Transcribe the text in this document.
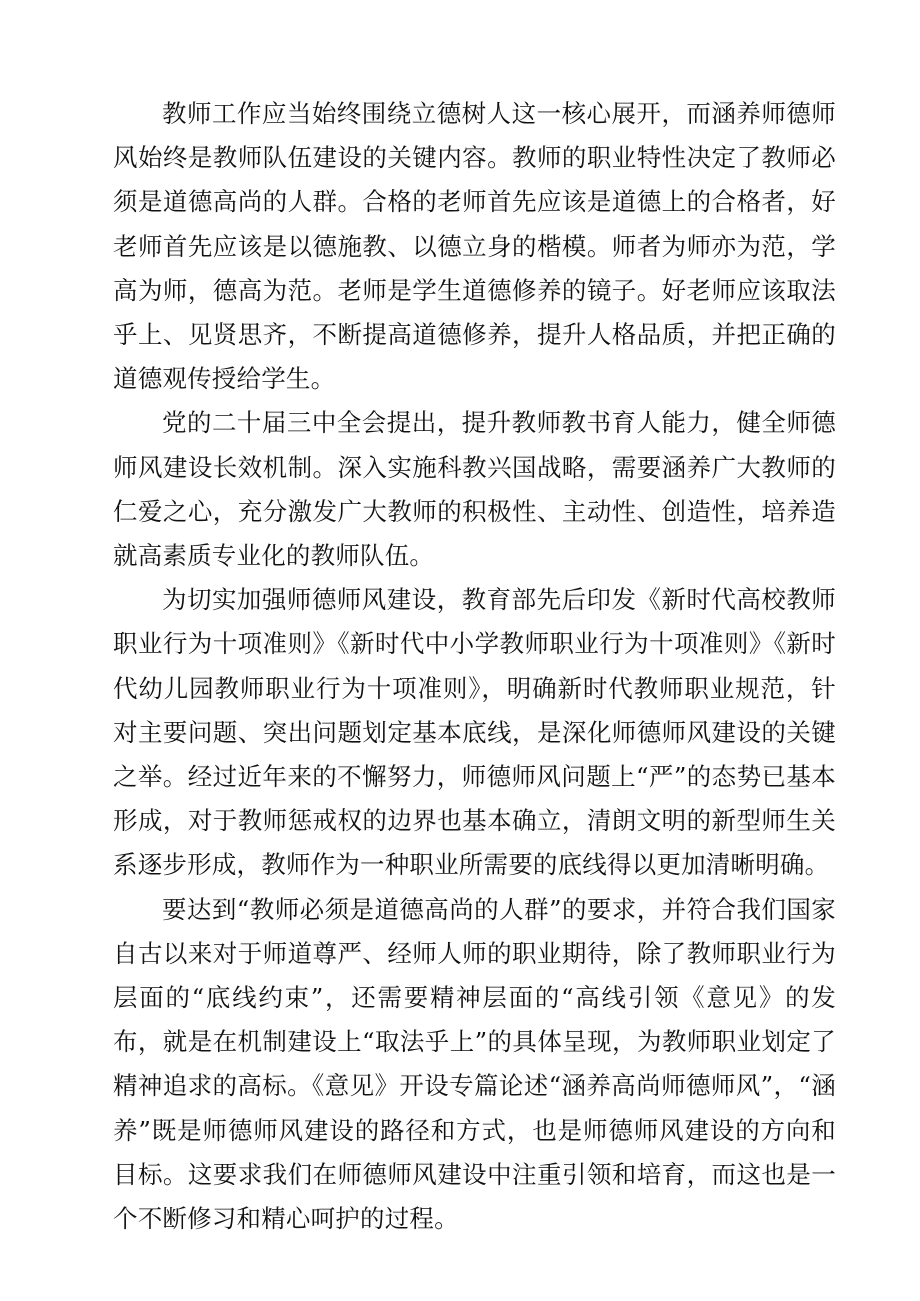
教师工作应当始终围绕立德树人这一核心展开，而涵养师德师风始终是教师队伍建设的关键内容。教师的职业特性决定了教师必须是道德高尚的人群。合格的老师首先应该是道德上的合格者，好老师首先应该是以德施教、以德立身的楷模。师者为师亦为范，学高为师，德高为范。老师是学生道德修养的镜子。好老师应该取法乎上、见贤思齐，不断提高道德修养，提升人格品质，并把正确的道德观传授给学生。

党的二十届三中全会提出，提升教师教书育人能力，健全师德师风建设长效机制。深入实施科教兴国战略，需要涵养广大教师的仁爱之心，充分激发广大教师的积极性、主动性、创造性，培养造就高素质专业化的教师队伍。

为切实加强师德师风建设，教育部先后印发《新时代高校教师职业行为十项准则》《新时代中小学教师职业行为十项准则》《新时代幼儿园教师职业行为十项准则》，明确新时代教师职业规范，针对主要问题、突出问题划定基本底线，是深化师德师风建设的关键之举。经过近年来的不懈努力，师德师风问题上“严”的态势已基本形成，对于教师惩戒权的边界也基本确立，清朗文明的新型师生关系逐步形成，教师作为一种职业所需要的底线得以更加清晰明确。

要达到“教师必须是道德高尚的人群”的要求，并符合我们国家自古以来对于师道尊严、经师人师的职业期待，除了教师职业行为层面的“底线约束”，还需要精神层面的“高线引领《意见》的发布，就是在机制建设上“取法乎上”的具体呈现，为教师职业划定了精神追求的高标。《意见》开设专篇论述“涵养高尚师德师风”，“涵养”既是师德师风建设的路径和方式，也是师德师风建设的方向和目标。这要求我们在师德师风建设中注重引领和培育，而这也是一个不断修习和精心呵护的过程。
